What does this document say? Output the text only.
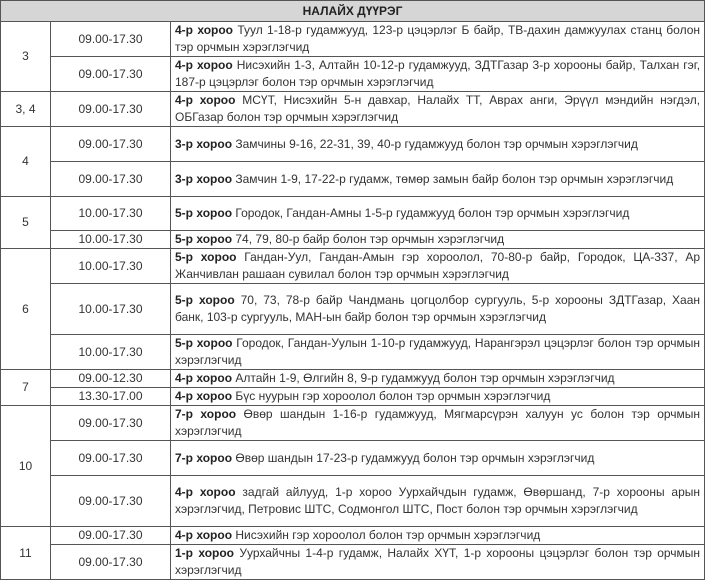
НАЛАЙХ ДҮҮРЭГ		
3	09.00-17.30	4-р хороо Туул 1-18-р гудамжууд, 123-р цэцэрлэг Б байр, ТВ-дахин дамжуулах станц болон тэр орчмын хэрэглэгчид
	09.00-17.30	4-р хороо Нисэхийн 1-3, Алтайн 10-12-р гудамжууд, ЗДТГазар 3-р хорооны байр, Талхан гэг, 187-р цэцэрлэг болон тэр орчмын хэрэглэгчид
3, 4	09.00-17.30	4-р хороо МСҮТ, Нисэхийн 5-н давхар, Налайх ТТ, Аврах анги, Эрүүл мэндийн нэгдэл, ОБГазар болон тэр орчмын хэрэглэгчид
4	09.00-17.30	3-р хороо Замчины 9-16, 22-31, 39, 40-р гудамжууд болон тэр орчмын хэрэглэгчид
	09.00-17.30	3-р хороо Замчин 1-9, 17-22-р гудамж, төмөр замын байр болон тэр орчмын хэрэглэгчид
5	10.00-17.30	5-р хороо Городок, Гандан-Амны 1-5-р гудамжууд болон тэр орчмын хэрэглэгчид
	10.00-17.30	5-р хороо 74, 79, 80-р байр болон тэр орчмын хэрэглэгчид
6	10.00-17.30	5-р хороо Гандан-Уул, Гандан-Амын гэр хороолол, 70-80-р байр, Городок, ЦА-337, Ар Жанчивлан рашаан сувилал болон тэр орчмын хэрэглэгчид
	10.00-17.30	5-р хороо 70, 73, 78-р байр Чандмань цогцолбор сургууль, 5-р хорооны ЗДТГазар, Хаан банк, 103-р сургууль, МАН-ын байр болон тэр орчмын хэрэглэгчид
	10.00-17.30	5-р хороо Городок, Гандан-Уулын 1-10-р гудамжууд, Нарангэрэл цэцэрлэг болон тэр орчмын хэрэглэгчид
7	09.00-12.30	4-р хороо Алтайн 1-9, Өлгийн 8, 9-р гудамжууд болон тэр орчмын хэрэглэгчид
	13.30-17.00	4-р хороо Бүс нуурын гэр хороолол болон тэр орчмын хэрэглэгчид
10	09.00-17.30	7-р хороо Өвөр шандын 1-16-р гудамжууд, Мягмарсүрэн халуун ус болон тэр орчмын хэрэглэгчид
	09.00-17.30	7-р хороо Өвөр шандын 17-23-р гудамжууд болон тэр орчмын хэрэглэгчид
	09.00-17.30	4-р хороо задгай айлууд, 1-р хороо Уурхайчдын гудамж, Өвөршанд, 7-р хорооны арын хэрэглэгчид, Петровис ШТС, Содмонгол ШТС, Пост болон тэр орчмын хэрэглэгчид
11	09.00-17.30	4-р хороо Нисэхийн гэр хороолол болон тэр орчмын хэрэглэгчид
	09.00-17.30	1-р хороо Уурхайчны 1-4-р гудамж, Налайх ХҮТ, 1-р хорооны цэцэрлэг болон тэр орчмын хэрэглэгчид
